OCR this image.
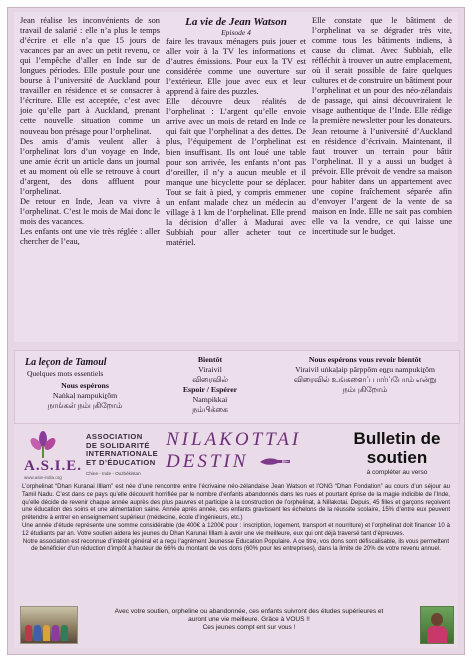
Jean réalise les inconvénients de son travail de salarié : elle n’a plus le temps d’écrire et elle n’a que 15 jours de vacances par an avec un petit revenu, ce qui l’empêche d’aller en Inde sur de longues périodes. Elle postule pour une bourse à l’université de Auckland pour travailler en résidence et se consacrer à l’écriture. Elle est acceptée, c’est avec joie qu’elle part à Auckland, prenant cette nouvelle situation comme un nouveau bon présage pour l’orphelinat.

Des amis d’amis veulent aller à l’orphelinat lors d’un voyage en Inde, une amie écrit un article dans un journal et au moment où elle se retrouve à court d’argent, des dons affluent pour l’orphelinat.

De retour en Inde, Jean va vivre à l’orphelinat. C’est le mois de Mai donc le mois des vacances.

Les enfants ont une vie très réglée : aller chercher de l’eau,

La vie de Jean Watson
Episode 4

faire les travaux ménagers puis jouer et aller voir à la TV les informations et d’autres émissions. Pour eux la TV est considérée comme une ouverture sur l’extérieur. Elle joue avec eux et leur apprend à faire des puzzles.

Elle découvre deux réalités de l’orphelinat : L’argent qu’elle envoie arrive avec un mois de retard en Inde ce qui fait que l’orphelinat a des dettes. De plus, l’équipement de l’orphelinat est bien insuffisant. Ils ont loué une table pour son arrivée, les enfants n’ont pas d’oreiller, il n’y a aucun meuble et il manque une bicyclette pour se déplacer. Tout se fait à pied, y compris emmener un enfant malade chez un médecin au village à 1 km de l’orphelinat. Elle prend la décision d’aller à Madurai avec Subbiah pour aller acheter tout ce matériel.

Elle constate que le bâtiment de l’orphelinat va se dégrader très vite, comme tous les bâtiments indiens, à cause du climat. Avec Subbiah, elle réfléchit à trouver un autre emplacement, où il serait possible de faire quelques cultures et de construire un bâtiment pour l’orphelinat et un pour des néo-zélandais de passage, qui ainsi découvriraient le visage authentique de l’Inde. Elle rédige la première newsletter pour les donateurs.

Jean retourne à l’université d’Auckland en résidence d’écrivain. Maintenant, il faut trouver un terrain pour bâtir l’orphelinat. Il y a aussi un budget à prévoir. Elle prévoit de vendre sa maison pour habiter dans un appartement avec une copine fraîchement séparée afin d’envoyer l’argent de la vente de sa maison en Inde. Elle ne sait pas combien elle va la vendre, ce qui laisse une incertitude sur le budget.

La leçon de Tamoul
Quelques mots essentiels
Bientôt
Viraivil
விரைவில்
Nous espérons
Naṅkaḷ nampukiṟōm
நாங்கள் நம்புகிறோம்
Espoir / Espérer
Nampikkai
நம்பிக்கை
Nous espérons vous revoir bientôt
Viraivil uṅkaḷaip pārppōm eṉṟu nampukiṟōm
விரைவில் உங்களைப் பார்ப்போம் என்று நம்புகிறோம்
A.S.I.E.
www.asie-india.org
ASSOCIATION
DE SOLIDARITÉ
INTERNATIONALE
ET D’ÉDUCATION
Chine - Inde - Ouzbékistan
NILAKOTTAI
DESTIN
Bulletin de
soutien
à compléter au verso

L’orphelinat “Dhan Kuranai Illlam” est née d’une rencontre entre l’écrivaine néo-zélandaise Jean Watson et l’ONG “Dhan Fondation” au cours d’un séjour au Tamil Nadu. C’est dans ce pays qu’elle découvrit horrifiée par le nombre d’enfants abandonnés dans les rues et pourtant éprise de la magie indicible de l’Inde, qu’elle décide de revenir chaque année auprès des plus pauvres et participe à la construction de l’orphelinat, à Nillakotai. Depuis, 45 filles et garçons reçoivent une éducation des soins et une alimentation saine. Année après année, ces enfants gravissent les échelons de la réussite scolaire, 15% d’entre eux peuvent prétendre à entrer en enseignement supérieur (médecine, école d’ingénieurs, etc.)

Une année d’étude représente une somme considérable (de 400€ à 1200€ pour : inscription, logement, transport et nourriture) et l’orphelinat doit financer 10 à 12 étudiants par an. Votre soutien aidera les jeunes du Dhan Karunai Illlam à avoir une vie meilleure, eux qui ont déjà traversé tant d’épreuves.

Notre association est reconnue d’intérêt général et a reçu l’agrément Jeunesse Education Populaire. A ce titre, vos dons sont défiscalisable, ils vous permettent de bénéficier d’un réduction d’impôt à hauteur de 66% du montant de vos dons (60% pour les entreprises), dans la limite de 20% de votre revenu annuel.

Avec votre soutien, orpheline ou abandonnée, ces enfants suivront des études supérieures et
auront une vie meilleure. Grâce à VOUS !!
Ces jeunes compt ent sur vous !
